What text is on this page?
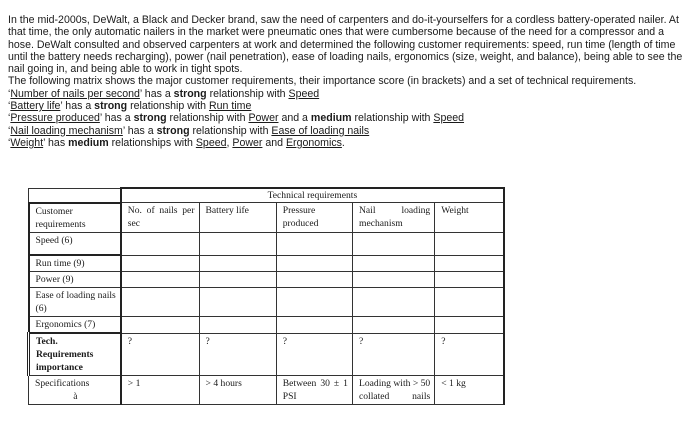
In the mid-2000s, DeWalt, a Black and Decker brand, saw the need of carpenters and do-it-yourselfers for a cordless battery-operated nailer. At that time, the only automatic nailers in the market were pneumatic ones that were cumbersome because of the need for a compressor and a hose. DeWalt consulted and observed carpenters at work and determined the following customer requirements: speed, run time (length of time until the battery needs recharging), power (nail penetration), ease of loading nails, ergonomics (size, weight, and balance), being able to see the nail going in, and being able to work in tight spots.

The following matrix shows the major customer requirements, their importance score (in brackets) and a set of technical requirements.

‘Number of nails per second’ has a strong relationship with Speed

‘Battery life’ has a strong relationship with Run time

‘Pressure produced’ has a strong relationship with Power and a medium relationship with Speed

‘Nail loading mechanism’ has a strong relationship with Ease of loading nails

‘Weight’ has medium relationships with Speed, Power and Ergonomics.

	Technical requirements				
Customer requirements	No. of nails per sec	Battery life	Pressure produced	Nail loading mechanism	Weight
Speed (6)					
Run time (9)					
Power (9)					
Ease of loading nails (6)					
Ergonomics (7)					
Tech. Requirements importance	?	?	?	?	?

Specifications
à	> 1	> 4 hours	Between 30 ± 1 PSI	Loading with > 50 collated nails	< 1 kg
